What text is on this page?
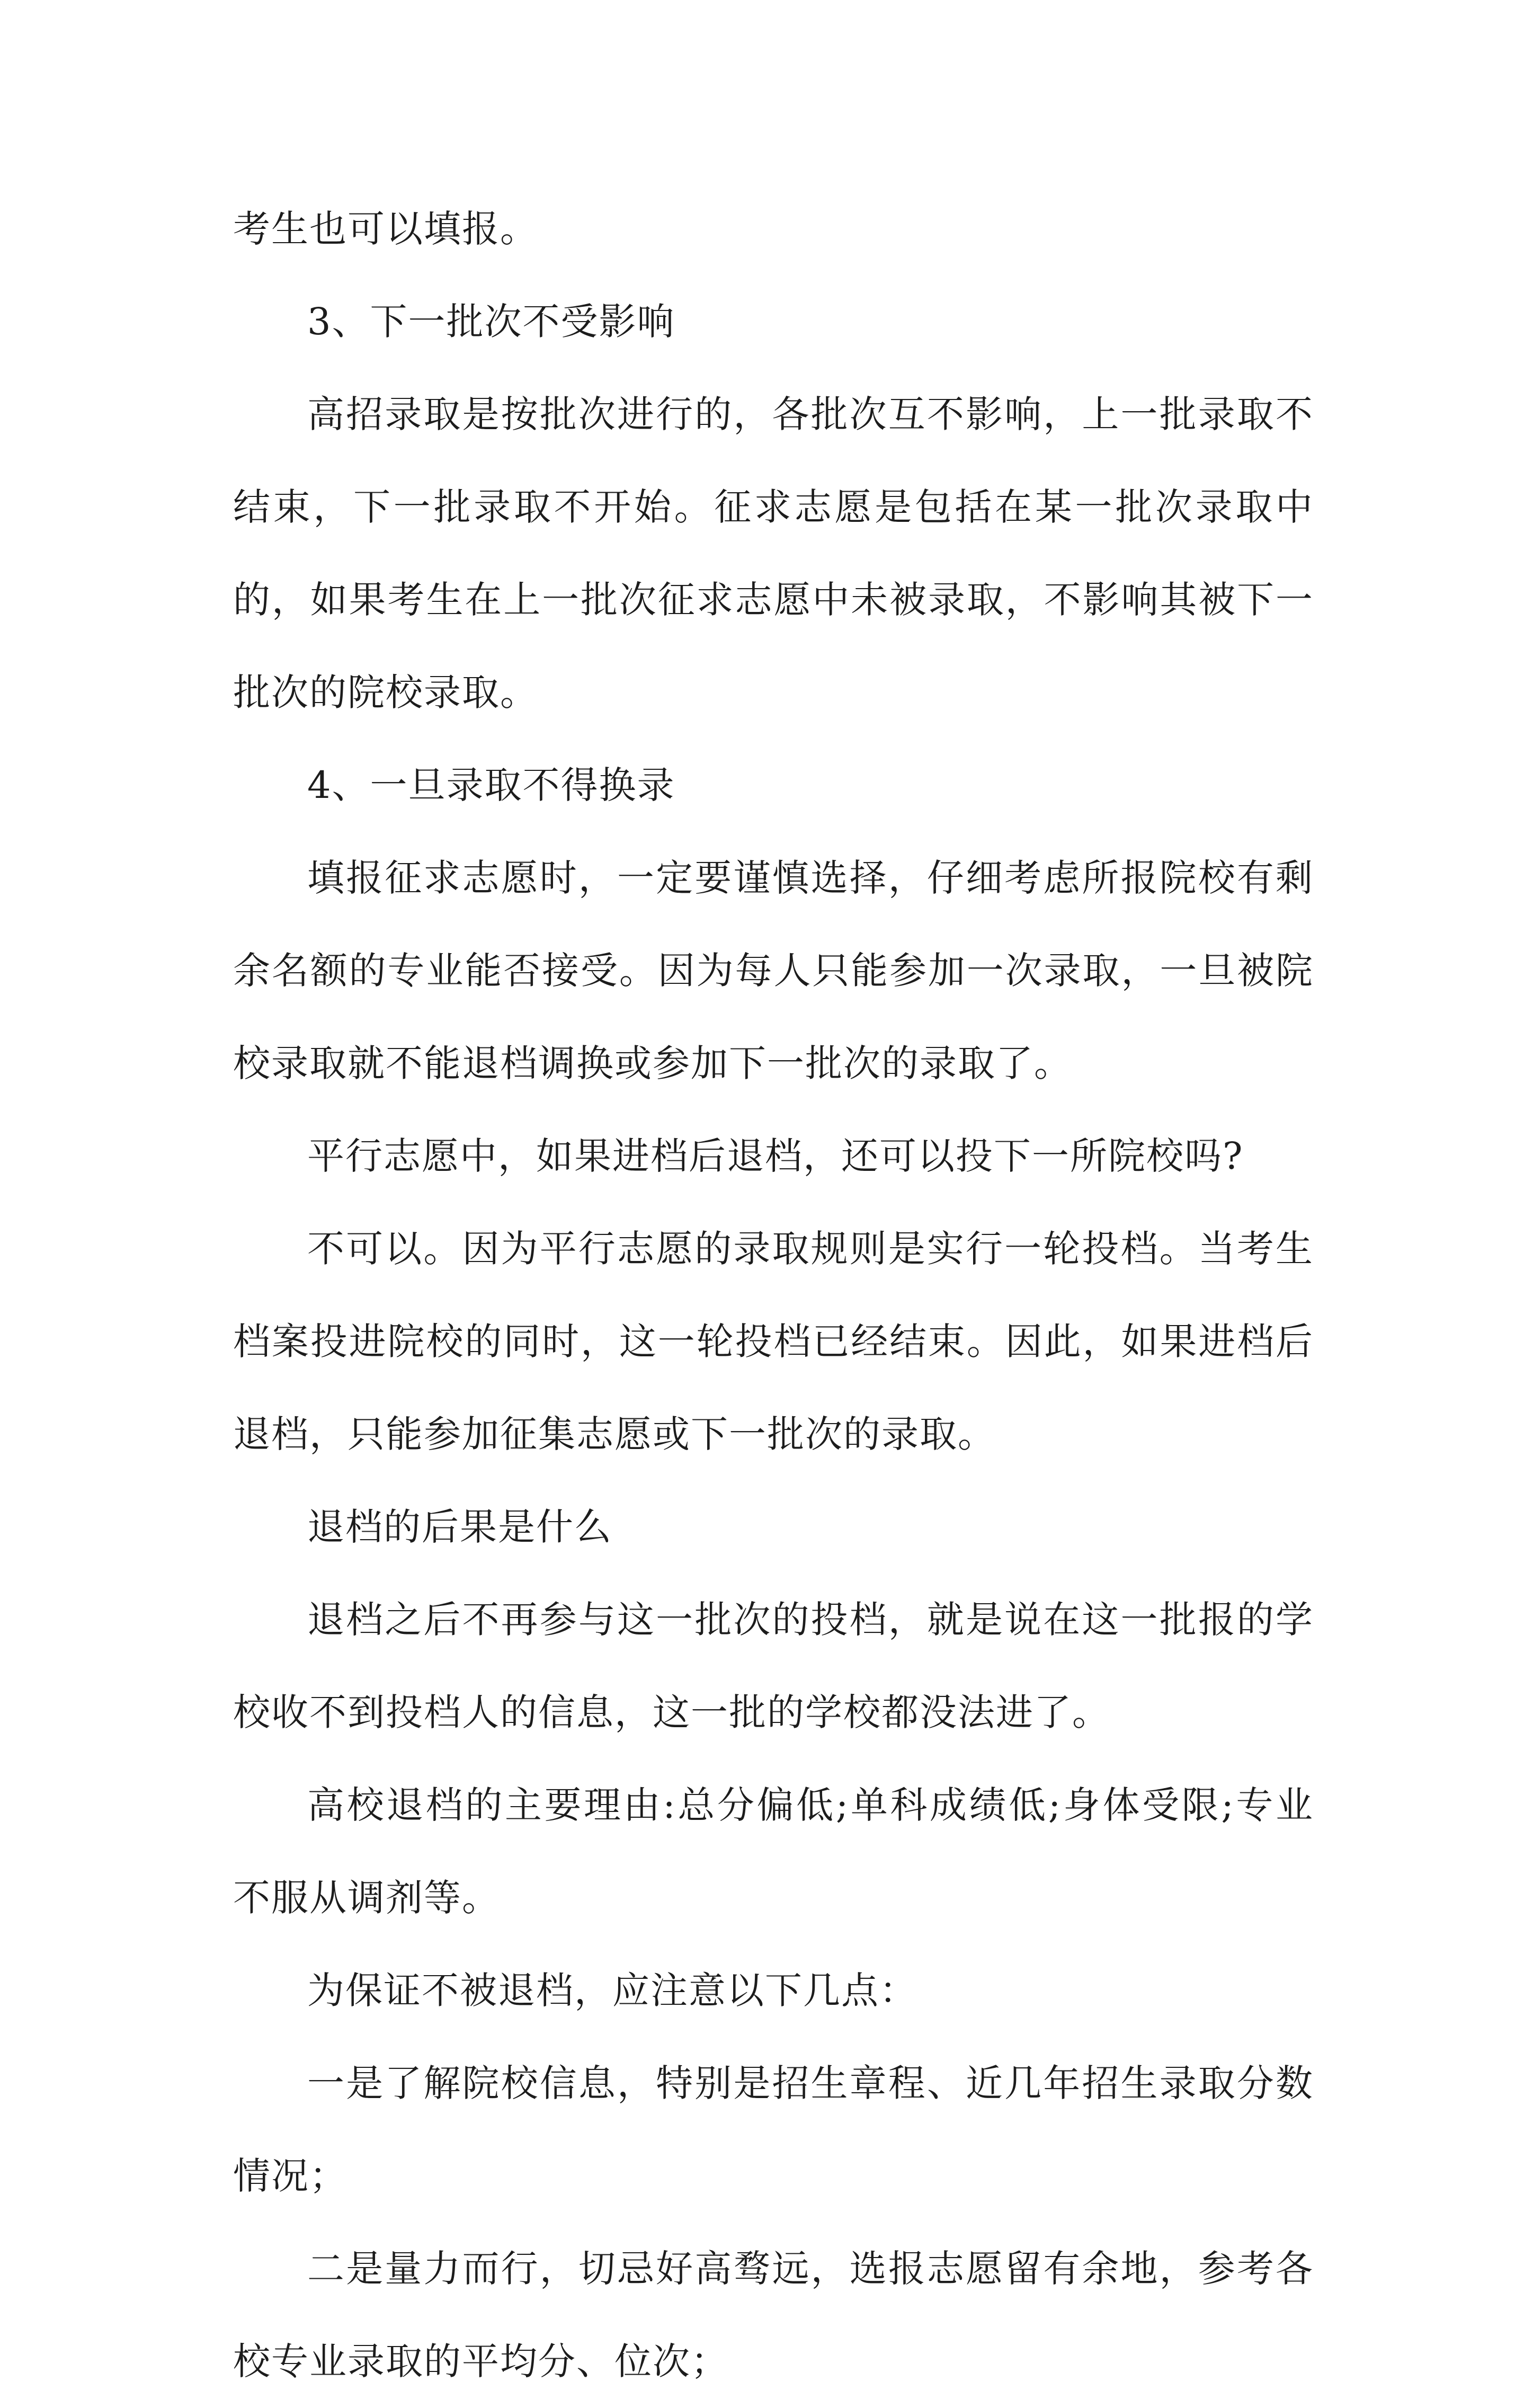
考生也可以填报。

3、下一批次不受影响

高招录取是按批次进行的，各批次互不影响，上一批录取不结束，下一批录取不开始。征求志愿是包括在某一批次录取中的，如果考生在上一批次征求志愿中未被录取，不影响其被下一批次的院校录取。

4、一旦录取不得换录

填报征求志愿时，一定要谨慎选择，仔细考虑所报院校有剩余名额的专业能否接受。因为每人只能参加一次录取，一旦被院校录取就不能退档调换或参加下一批次的录取了。

平行志愿中，如果进档后退档，还可以投下一所院校吗?

不可以。因为平行志愿的录取规则是实行一轮投档。当考生档案投进院校的同时，这一轮投档已经结束。因此，如果进档后退档，只能参加征集志愿或下一批次的录取。

退档的后果是什么

退档之后不再参与这一批次的投档，就是说在这一批报的学校收不到投档人的信息，这一批的学校都没法进了。

高校退档的主要理由:总分偏低;单科成绩低;身体受限;专业不服从调剂等。

为保证不被退档，应注意以下几点：

一是了解院校信息，特别是招生章程、近几年招生录取分数情况；

二是量力而行，切忌好高骛远，选报志愿留有余地，参考各校专业录取的平均分、位次；
